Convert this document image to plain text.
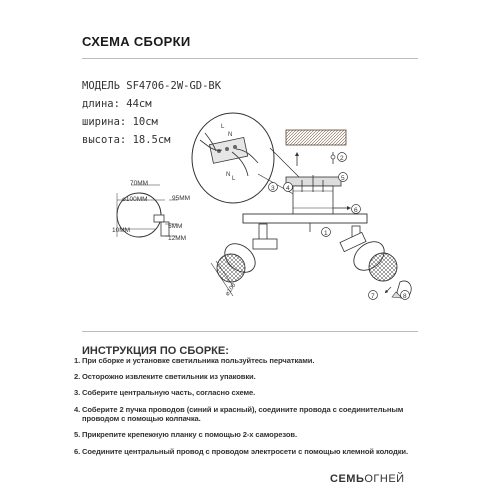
СХЕМА СБОРКИ
МОДЕЛЬ SF4706-2W-GD-BK
длина: 44см
ширина: 10см
высота: 18.5см
L
N
L
N
⌀100MM
70MM
95MM
10MM
5MM
12MM
⌀100
1
2
3 4
5
6
7	8
ИНСТРУКЦИЯ ПО СБОРКЕ:
1. При сборке и установке светильника пользуйтесь перчатками.
2. Осторожно извлеките светильник из упаковки.
3. Соберите центральную часть, согласно схеме.
4. Соберите 2 пучка проводов (синий и красный), соедините провода с соединительным проводом с помощью колпачка.
5. Прикрепите крепежную планку с помощью 2-х саморезов.
6. Соедините центральный провод с проводом электросети с помощью клемной колодки.
СЕМЬОГНЕЙ
